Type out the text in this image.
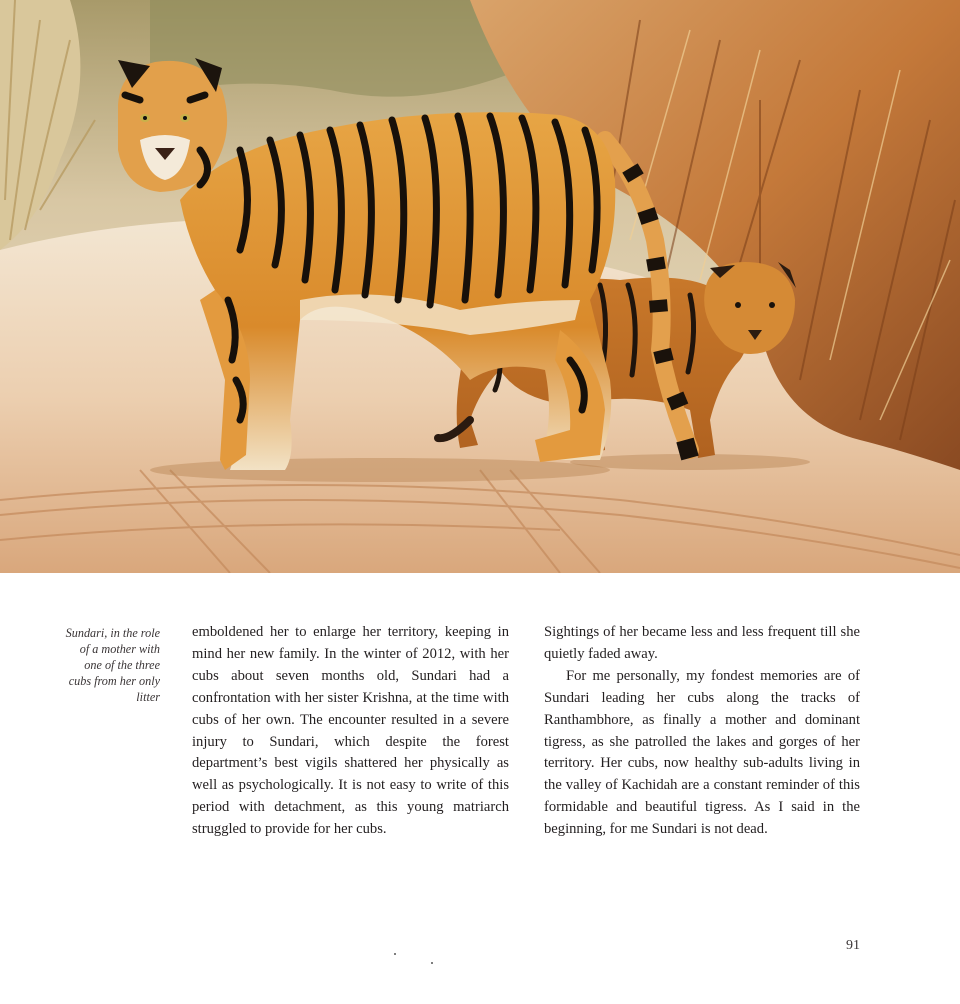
Sundari, in the role of a mother with one of the three cubs from her only litter

emboldened her to enlarge her territory, keeping in mind her new family. In the winter of 2012, with her cubs about seven months old, Sundari had a confrontation with her sister Krishna, at the time with cubs of her own. The encounter resulted in a severe injury to Sundari, which despite the forest department’s best vigils shattered her physically as well as psychologically. It is not easy to write of this period with detachment, as this young matriarch struggled to provide for her cubs.

Sightings of her became less and less frequent till she quietly faded away.

For me personally, my fondest memories are of Sundari leading her cubs along the tracks of Ranthambhore, as finally a mother and dominant tigress, as she patrolled the lakes and gorges of her territory. Her cubs, now healthy sub-adults living in the valley of Kachidah are a constant reminder of this formidable and beautiful tigress. As I said in the beginning, for me Sundari is not dead.

91
